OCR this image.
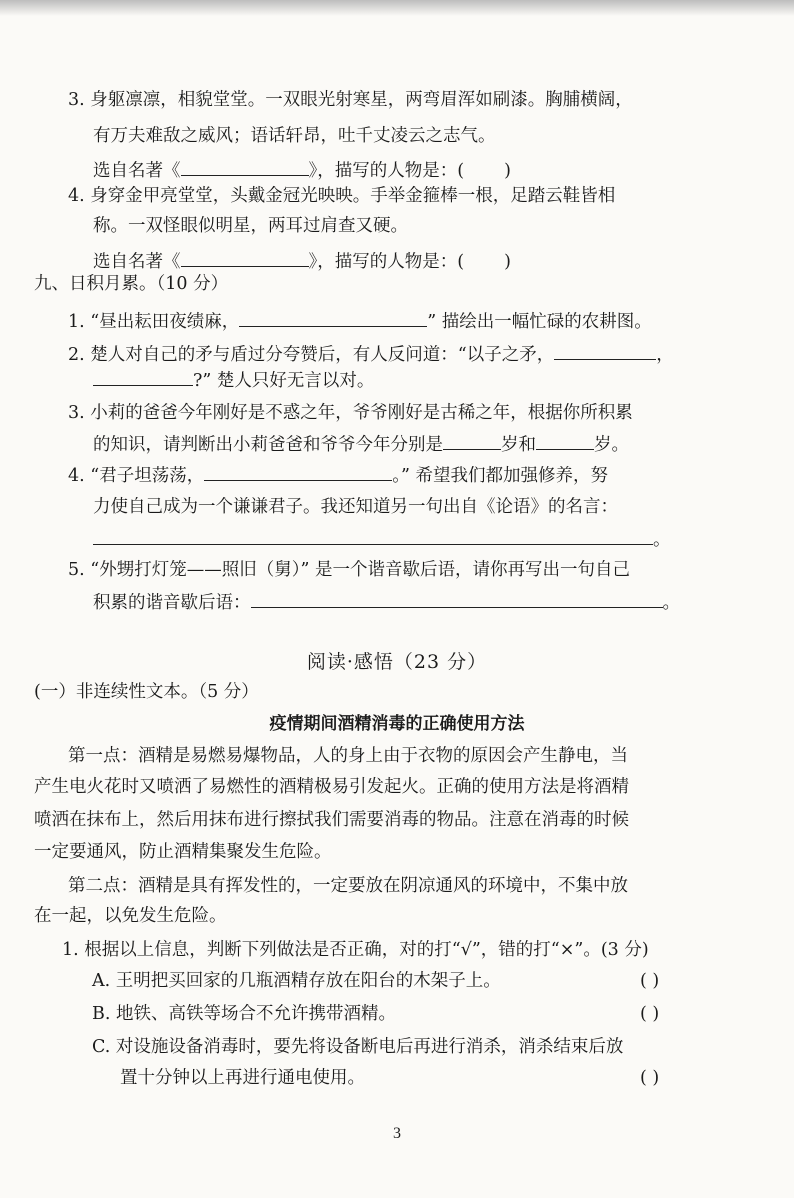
3. 身躯凛凛，相貌堂堂。一双眼光射寒星，两弯眉浑如刷漆。胸脯横阔，
有万夫难敌之威风；语话轩昂，吐千丈凌云之志气。
选自名著《	》，描写的人物是：( )
4. 身穿金甲亮堂堂，头戴金冠光映映。手举金箍棒一根，足踏云鞋皆相
称。一双怪眼似明星，两耳过肩查又硬。
选自名著《	》，描写的人物是：( )
九、日积月累。（10 分）
1. “昼出耘田夜绩麻，	” 描绘出一幅忙碌的农耕图。
2. 楚人对自己的矛与盾过分夸赞后，有人反问道：“以子之矛，	，
?” 楚人只好无言以对。
3. 小莉的爸爸今年刚好是不惑之年，爷爷刚好是古稀之年，根据你所积累
的知识，请判断出小莉爸爸和爷爷今年分别是	岁和	岁。
4. “君子坦荡荡，	。” 希望我们都加强修养，努
力使自己成为一个谦谦君子。我还知道另一句出自《论语》的名言：
。
5. “外甥打灯笼——照旧（舅）” 是一个谐音歇后语，请你再写出一句自己
积累的谐音歇后语：	。
阅读·感悟（23 分）
(一）非连续性文本。（5 分）
疫情期间酒精消毒的正确使用方法
第一点：酒精是易燃易爆物品，人的身上由于衣物的原因会产生静电，当
产生电火花时又喷洒了易燃性的酒精极易引发起火。正确的使用方法是将酒精
喷洒在抹布上，然后用抹布进行擦拭我们需要消毒的物品。注意在消毒的时候
一定要通风，防止酒精集聚发生危险。
第二点：酒精是具有挥发性的，一定要放在阴凉通风的环境中，不集中放
在一起，以免发生危险。
1. 根据以上信息，判断下列做法是否正确，对的打“√”，错的打“×”。(3 分)
A. 王明把买回家的几瓶酒精存放在阳台的木架子上。	( )
B. 地铁、高铁等场合不允许携带酒精。	( )
C. 对设施设备消毒时，要先将设备断电后再进行消杀，消杀结束后放
置十分钟以上再进行通电使用。	( )
3
